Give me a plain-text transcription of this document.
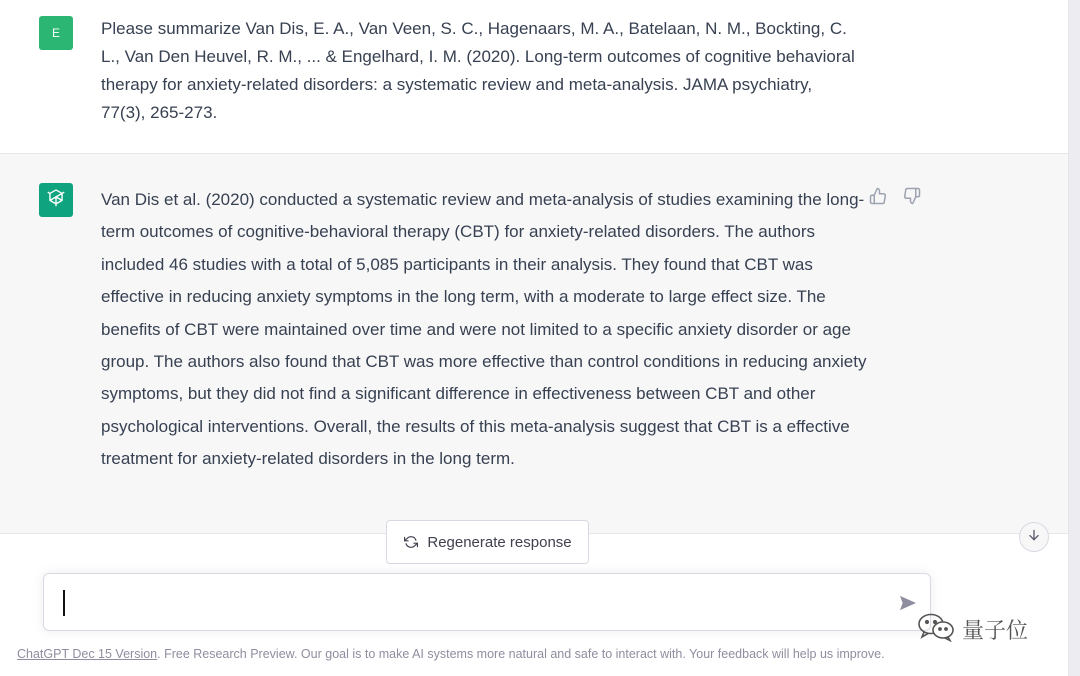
E	Please summarize Van Dis, E. A., Van Veen, S. C., Hagenaars, M. A., Batelaan, N. M., Bockting, C. L., Van Den Heuvel, R. M., ... & Engelhard, I. M. (2020). Long-term outcomes of cognitive behavioral therapy for anxiety-related disorders: a systematic review and meta-analysis. JAMA psychiatry, 77(3), 265-273.
Van Dis et al. (2020) conducted a systematic review and meta-analysis of studies examining the long-term outcomes of cognitive-behavioral therapy (CBT) for anxiety-related disorders. The authors included 46 studies with a total of 5,085 participants in their analysis. They found that CBT was effective in reducing anxiety symptoms in the long term, with a moderate to large effect size. The benefits of CBT were maintained over time and were not limited to a specific anxiety disorder or age group. The authors also found that CBT was more effective than control conditions in reducing anxiety symptoms, but they did not find a significant difference in effectiveness between CBT and other psychological interventions. Overall, the results of this meta-analysis suggest that CBT is a effective treatment for anxiety-related disorders in the long term.
Regenerate response
ChatGPT Dec 15 Version. Free Research Preview. Our goal is to make AI systems more natural and safe to interact with. Your feedback will help us improve.
量子位
